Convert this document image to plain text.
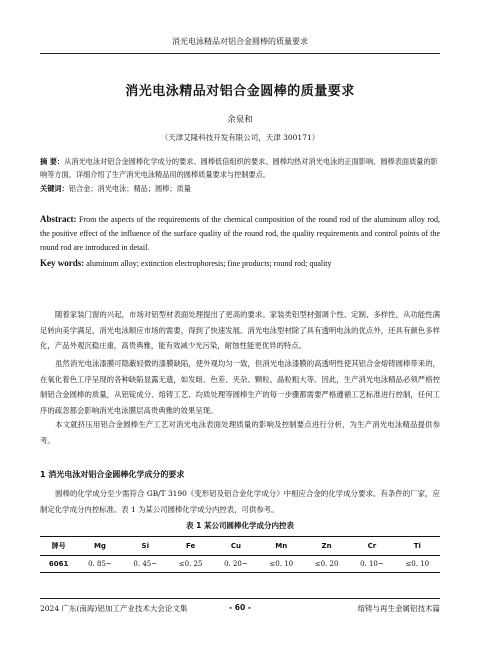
消光电泳精品对铝合金圆棒的质量要求
消光电泳精品对铝合金圆棒的质量要求
余泉和
（天津艾隆科技开发有限公司，天津 300171）
摘 要：从消光电泳对铝合金圆棒化学成分的要求、圆棒低倍组织的要求、圆棒均热对消光电泳的正面影响、圆棒表面质量的影响等方面，详细介绍了生产消光电泳精品用的圆棒质量要求与控制要点。
关键词：铝合金；消光电泳；精品；圆棒；质量
Abstract: From the aspects of the requirements of the chemical composition of the round rod of the aluminum alloy rod, the positive effect of the influence of the surface quality of the round rod, the quality requirements and control points of the round rod are introduced in detail.
Key words: aluminum alloy; extinction electrophoresis; fine products; round rod; quality
随着家装门窗的兴起，市场对铝型材表面处理提出了更高的要求。家装类铝型材强调个性、定制、多样性，从功能性满足转向美学满足，消光电泳顺应市场的需要，得到了快速发展。消光电泳型材除了具有透明电泳的优点外，还具有颜色多样化，产品外观沉稳庄重，高贵典雅，能有效减少光污染，耐蚀性能更优异的特点。
虽然消光电泳漆膜可隐蔽轻微的漆膜缺陷，使外观均匀一致，但消光电泳漆膜的高透明性使其铝合金熔铸圆棒带来的，在氧化着色工序呈现的各种缺陷显露无遗，如发暗、色差、夹杂、颗粒、晶粒粗大等。因此，生产消光电泳精品必须严格控制铝合金圆棒的质量，从铝锭成分、熔铸工艺、均质处理等圆棒生产的每一步骤都需要严格遵循工艺标准进行控制，任何工序的疏忽都会影响消光电泳膜层高贵典雅的效果呈现。
本文就挤压用铝合金圆棒生产工艺对消光电泳表面处理质量的影响及控制要点进行分析，为生产消光电泳精品提供参考。
1 消光电泳对铝合金圆棒化学成分的要求
圆棒的化学成分至少需符合 GB/T 3190《变形铝及铝合金化学成分》中相应合金的化学成分要求。有条件的厂家，应制定化学成分内控标准。表 1 为某公司圆棒化学成分内控表，可供参考。
表 1 某公司圆棒化学成分内控表
牌号	Mg	Si	Fe	Cu	Mn	Zn	Cr	Ti
6061	0. 85~	0. 45~	≤0. 25	0. 20~	≤0. 10	≤0. 20	0. 10~	≤0. 10
2024 广东(南海)铝加工产业技术大会论文集	- 60 -	熔铸与再生金属铝技术篇
